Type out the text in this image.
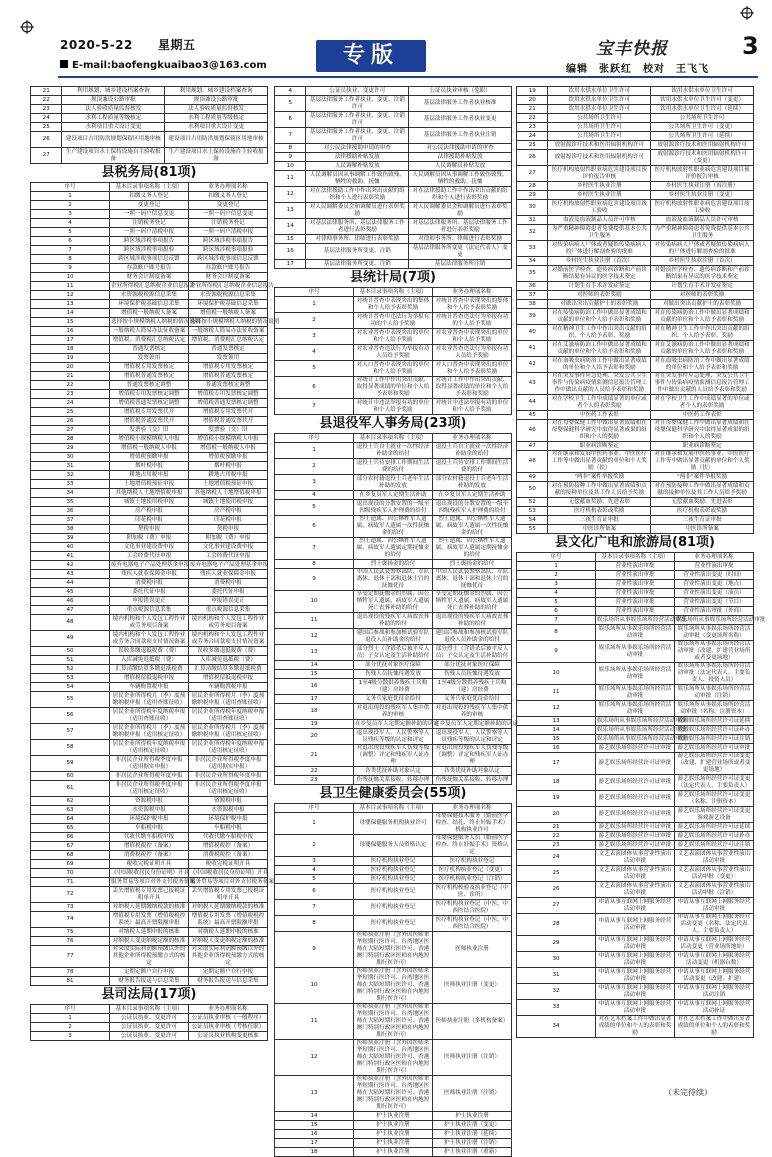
2020-5-22　　 星期五
E-mail:baofengkuaibao3@163.com	专版	宝丰快报	3
编辑　张跃红　校对　王飞飞
21	利用规划、城乡建设档案查询	利用规划、城乡建设档案查询
22	规顶兼设公路审批	规顶兼设公路审批
23	法人验收质量监督核发	法人验收质量监督核发
24	水利工程质量等级核定	水利工程质量等级核定
25	水利项目重大设计变更	水利项目重大设计变更
26	建设项目占用防洪规划保留区用地审核	建设项目占用防洪规划保留区用地审核
27	生产建设项目水土保持设施自主验收报备	生产建设项目水土保持设施自主验收报备
县税务局(81项)
序号	基本目录事项名称（主项）	业务办理项名称
1	扣缴义务人登记	扣缴义务人登记
2	变更登记	变更登记
3	一照一码户信息变更	一照一码户信息变更
4	注销税务登记	注销税务登记
5	一照一码户清税申报	一照一码户清税申报
6	跨区域涉税事项报告	跨区域涉税事项报告
7	跨区域涉税事项报验	跨区域涉税事项报验
8	跨区域涉税事项信息反馈	跨区域涉税事项信息反馈
9	存款账户账号报告	存款账户账号报告
10	财务会计制度备案	财务会计制度备案
11	企业所得税汇总纳税企业信息报告	企业所得税汇总纳税企业信息报告
12	水资源税税源信息采集	水资源税税源信息采集
13	环境保护税基础信息采集	环境保护税基础信息采集
14	增值税一般纳税人备案	增值税一般纳税人备案
15	选择按小规模纳税人纳税的情况说明	选择按小规模纳税人纳税的情况说明
16	一般纳税人简易办法征收备案	一般纳税人简易办法征收备案
17	增值税、消费税汇总纳税认定	增值税、消费税汇总纳税认定
18	普通发票核定	普通发票核定
19	发票领用	发票领用
20	增值税专用发票核定	增值税专用发票核定
21	增值税普通发票核定	增值税普通发票核定
22	普通发票核定调整	普通发票核定调整
23	增值税专用发票核定调整	增值税专用发票核定调整
24	增值税普通发票核定调整	增值税普通发票核定调整
25	增值税专用发票代开	增值税专用发票代开
26	增值税普通发票代开	增值税普通发票代开
27	发票验（交）旧	发票验（交）旧
28	增值税小规模纳税人申报	增值税小规模纳税人申报
29	增值税一般纳税人申报	增值税一般纳税人申报
30	增值税预缴申报	增值税预缴申报
31	烟叶税申报	烟叶税申报
32	耕地占用税申报	耕地占用税申报
33	土地增值税预征申报	土地增值税预征申报
34	其他纳税人土地增值税申报	其他纳税人土地增值税申报
35	城镇土地使用税申报	城镇土地使用税申报
36	房产税申报	房产税申报
37	印花税申报	印花税申报
38	契税申报	契税申报
39	附加税（费）申报	附加税（费）申报
40	文化事业建设费申报	文化事业建设费申报
41	工会经费代征申报	工会经费代征申报
42	废弃电器电子产品处理基金申报	废弃电器电子产品处理基金申报
43	残疾人就业保障金申报	残疾人就业保障金申报
44	消费税申报	消费税申报
45	委托代征申报	委托代征申报
46	申报错误更正	申报错误更正
47	重点税源信息采集	重点税源信息采集
48	境内机构和个人发包工程作业或劳务项目备案	境内机构和个人发包工程作业或劳务项目备案
49	境内机构和个人发包工程作业或劳务合同款项支付情况备案	境内机构和个人发包工程作业或劳务合同款项支付情况备案
50	误收多缴退抵税费（费）	误收多缴退抵税费（费）
51	入库减免退抵税（费）	入库减免退抵税（费）
52	汇算清缴结算多缴退抵税费	汇算清缴结算多缴退抵税费
53	增值税留抵退税申报	增值税留抵退税申报
54	车辆购置税申报	车辆购置税申报
55	居民企业所得税月（季）度预缴纳税申报（适用查账征收）	居民企业所得税月（季）度预缴纳税申报（适用查账征收）
56	居民企业所得税年度纳税申报（适用查账征收）	居民企业所得税年度纳税申报（适用查账征收）
57	居民企业所得税月（季）度预缴纳税申报（适用核定征收）	居民企业所得税月（季）度预缴纳税申报（适用核定征收）
58	居民企业所得税年度纳税申报（适用核定征收）	居民企业所得税年度纳税申报（适用核定征收）
59	非居民企业所得税季度申报（适用据实申报）	非居民企业所得税季度申报（适用据实申报）
60	非居民企业所得税年度申报	非居民企业所得税年度申报
61	非居民企业所得税季度申报（适用核定征收）	非居民企业所得税季度申报（适用核定征收）
62	资源税申报	资源税申报
63	水资源税申报	水资源税申报
64	环境保护税申报	环境保护税申报
65	车船税申报	车船税申报
66	代收代缴车船税申报	代收代缴车船税申报
67	增值税税控（备案）	增值税税控（备案）
68	消费税税控（备案）	消费税税控（备案）
69	税收完税证明开具	税收完税证明开具
70	《中国税收居民身份证明》开具	《中国税收居民身份证明》开具
71	服务贸易等项目对外支付税务备案	服务贸易等项目对外支付税务备案
72	丢失增值税专用发票已报税证明单开具	丢失增值税专用发票已报税证明单开具
73	对纳税人延期缴纳税款的核准	对纳税人延期缴纳税款的核准
74	增值税专用发票（增值税税控系统）最高开票限额审批	增值税专用发票（增值税税控系统）最高开票限额审批
75	对纳税人延期申报的核准	对纳税人延期申报的核准
76	对纳税人变更纳税定额的核准	对纳税人变更纳税定额的核准
77	对采取实际利润额预缴以外的其他企业所得税预缴方式的核定	对采取实际利润额预缴以外的其他企业所得税预缴方式的核定
78	定期定额户自行申报	定期定额户自行申报
81	财务报告报送与信息采集	财务报告报送与信息采集
县司法局(17项)
序号	基本目录事项名称（主项）	业务办理项名称
1	公证员执业、变更许可	公证员执业审核（一般程序）
2	公证员执业、变更许可	公证员执业审核（考核任职）
3	公证员执业、变更许可	公证员执业机构变更核准
4	公证员执业、变更许可	公证员执业审核（免职）
5	基层法律服务工作者执业、变更、注销许可	基层法律服务工作者执业核准
6	基层法律服务工作者执业、变更、注销许可	基层法律服务工作者执业变更
7	基层法律服务工作者执业、变更、注销许可	基层法律服务工作者执业注销
8	对公民法律援助申请的审查	对公民法律援助申请的审查
9	法律援助补贴发放	法律援助补贴发放
10	人民调解补贴发放	人民调解员补贴发放
11	人民调解员因从事调解工作致伤致残、牺牲的救助、抚恤	人民调解员因从事调解工作致伤致残、牺牲的救助、抚恤
12	对在法律援助工作中作出突出贡献的组织和个人进行表彰奖励	对在法律援助工作中作出突出贡献的组织和个人进行表彰奖励
13	对人民调解委员会和调解员进行表彰奖励	对人民调解委员会和调解员进行表彰奖励
14	对基层法律服务所、基层法律服务工作者进行表彰奖励	对基层法律服务所、基层法律服务工作者进行表彰奖励
15	对律师事务所、律师进行表彰奖励	对律师事务所、律师进行表彰奖励
16	基层法律服务所变更、注销	基层法律服务所变更（法定代表人）变更
17	基层法律服务所变更、注销	基层法律服务所注销
县统计局(7项)
序号	基本目录事项名称（主项）	业务办理项名称
1	对统计普查中表现突出的集体和个人给予表彰奖励	对统计普查中表现突出的集体和个人给予表彰奖励
2	对统计普查中违法行为举报有功的个人给予奖励	对统计普查违法行为举报有功的个人给予奖励
3	对农业普查中表现突出的单位和个人给予奖励	对农业普查中表现突出的单位和个人给予奖励
4	对农业普查违法行为举报有功人员给予奖励	对农业普查违法行为举报有功人员给予奖励
5	对人口普查中表现突出的单位和个人给予奖励	对人口普查中表现突出的单位和个人给予表彰奖励
6	对统计工作中作出突出贡献、取得显著成绩的单位和个人给予表彰和奖励	对统计工作中作出突出贡献、取得显著成绩的单位和个人给予表彰和奖励
7	对统计中违法举报有功的单位和个人给予奖励	对统计中违法举报有功的单位和个人给予奖励
县退役军人事务局(23项)
序号	基本目录事项名称（主项）	业务办理项名称
1	退役士兵自主就业一次性经济补助金的给付	退役士兵自主就业一次性经济补助金的给付
2	退役士兵待安排工作期间生活费的给付	退役士兵待安排工作期间生活费的给付
3	部分农村籍退役士兵老年生活补助的发放	部分农村籍退役士兵老年生活补助的发放
4	在乡复员军人定期生活补助	在乡复员军人定期生活补助
5	退出现役的分散安置的一级至四级残疾军人护理费的给付	退出现役的分散安置的一级至四级残疾军人护理费的给付
6	烈士遗属、因公牺牲军人遗属、病故军人遗属一次性抚恤金的给付	烈士遗属、因公牺牲军人遗属、病故军人遗属一次性抚恤金的给付
7	烈士遗属、因公牺牲军人遗属、病故军人遗属定期抚恤金的给付	烈士遗属、因公牺牲军人遗属、病故军人遗属定期抚恤金的给付
8	烈士褒扬金的给付	烈士褒扬金的给付
9	中国人民武装警察部队、军队离休、退休干部和退休士官的抚恤优待	中国人民武装警察部队、军队离休、退休干部和退休士官的抚恤优待
10	享受定期抚恤金的烈属、因公牺牲军人遗属、病故军人遗属死亡丧葬补助的给付	享受定期抚恤金的烈属、因公牺牲军人遗属、病故军人遗属死亡丧葬补助的给付
11	退出现役的残疾军人病故丧葬补助的给付	退出现役的残疾军人病故丧葬补助的给付
12	建国后参战和参加核试验军队退役人员补助金的给付	建国后参战和参加核试验军队退役人员补助金的给付
13	部分烈士（含错杀后被平反人员）子女认定及生活补助给付	部分烈士（含错杀后被平反人员）子女认定及生活补助给付
14	部分优抚对象医疗保障	部分优抚对象医疗保障
15	伤残人员抚恤待遇发放	伤残人员抚恤待遇发放
16	1至4级分散供养残疾士兵购（建）房经费	1至4级分散供养残疾士兵购（建）房经费
17	义务兵家庭优待金给付	义务兵家庭优待金给付
18	对退出现役的残疾军人集中供养的审核	对退出现役的残疾军人集中供养的审核
19	在乡复员军人定期定额补助的认定	在乡复员军人定期定额补助的认定
20	退出现役军人、人民警察等人员残疾等级的认定和评定	退出现役军人、人民警察等人员残疾等级的认定和评定
21	对退出现役残疾军人伤残等级（调整）评定和残疾军人证办理	对退出现役残疾军人伤残等级（调整）评定和残疾军人证办理
22	各类优抚补助对象认定	各类优抚补助对象认定
23	伤残抚恤关系接收、转移办理	伤残抚恤关系接收、转移办理
县卫生健康委员会(55项)
序号	基本目录事项名称（主项）	业务办理项名称
1	母婴保健服务机构执业许可	母婴保健技术服务（婚前医学检查、结扎、终止妊娠手术）机构执业许可
2	母婴保健服务人员资格认定	母婴保健服务人员（婚前医学检查、终止妊娠手术）资格认定
3	医疗机构执业登记	医疗机构执业登记
4	医疗机构执业登记	医疗机构执业登记（变更）
5	医疗机构执业登记	医疗机构执业登记（注销）
6	医疗机构执业登记	医疗机构校验及执业登记（中医、诊所）
7	医疗机构执业登记	医疗机构执业登记（中医、中西医结合医院）
8	医疗机构执业登记	医疗机构执业登记（中医、中西医结合医院）
9	医师执业注册（含外国医师来华短期行医许可、台湾地区医师在大陆短期行医许可、香港澳门特别行政区医师在内地短期行医许可）	医师执业注册
10	医师执业注册（含外国医师来华短期行医许可、台湾地区医师在大陆短期行医许可、香港澳门特别行政区医师在内地短期行医许可）	医师执业注册（变更）
11	医师执业注册（含外国医师来华短期行医许可、台湾地区医师在大陆短期行医许可、香港澳门特别行政区医师在内地短期行医许可）	医师执业注册（多机构备案）
12	医师执业注册（含外国医师来华短期行医许可、台湾地区医师在大陆短期行医许可、香港澳门特别行政区医师在内地短期行医许可）	医师执业注册（注销）
13	医师执业注册（含外国医师来华短期行医许可、台湾地区医师在大陆短期行医许可、香港澳门特别行政区医师在内地短期行医许可）	医师执业注册（注销）
14	护士执业注册	护士执业注册
15	护士执业注册	护士执业注册（变更）
16	护士执业注册	护士执业注册（延续）
17	护士执业注册	护士执业注册（注销）
18	护士执业注册	护士执业注册（重新）
19	饮用水供水单位卫生许可	饮用水供水单位卫生许可
20	饮用水供水单位卫生许可	饮用水供水单位卫生许可（变更）
21	饮用水供水单位卫生许可	饮用水供水单位卫生许可（延续）
22	公共场所卫生许可	公共场所卫生许可
23	公共场所卫生许可	公共场所卫生许可（变更）
24	公共场所卫生许可	公共场所卫生许可（延续）
25	放射源诊疗技术和医用辐射机构许可	放射源诊疗技术和医用辐射机构许可
26	放射源诊疗技术和医用辐射机构许可	放射源诊疗技术和医用辐射机构许可（变更）
27	医疗机构放射性职业病危害建设项目预评价报告审核	医疗机构放射性职业病危害建设项目预评价报告审核
28	乡村医生执业注册	乡村医生执业注册（再注册）
29	乡村医生执业注册	乡村医生执业注册（变更）
30	医疗机构放射性职业病危害建设项目竣工验收	医疗机构放射性职业病危害建设项目竣工验收
31	血液及血液制品人员许可审核	血液及血液制品人员许可审核
32	为严重精神障碍患者免费提供基本公共卫生服务	为严重精神障碍患者免费提供基本公共卫生服务
33	对传染病病人尸体或者疑似传染病病人的尸体进行解剖查验的批准	对传染病病人尸体或者疑似传染病病人的尸体进行解剖查验的批准
34	乡村医生执业注册（首次）	乡村医生执业注册（首次）
35	对婚前医学检查、遗传病诊断和产前诊断结果有异议的医学技术鉴定	对婚前医学检查、遗传病诊断和产前诊断结果有异议的医学技术鉴定
36	计划生育手术并发症鉴定	计划生育手术并发症鉴定
37	对医师的表彰奖励	对医师的表彰奖励
38	对做出突出贡献护士的表彰奖励	对做出突出贡献护士的表彰奖励
39	对在传染病防治工作中做出显著成绩和贡献的单位和个人给予表彰和奖励	对在传染病防治工作中做出显著成绩和贡献的单位和个人给予表彰和奖励
40	对在精神卫生工作中作出突出贡献的组织、个人给予表彰、奖励	对在精神卫生工作中作出突出贡献的组织、个人给予表彰、奖励
41	对在艾滋病防治工作中做出显著成绩和贡献的单位和个人给予表彰和奖励	对在艾滋病防治工作中做出显著成绩和贡献的单位和个人给予表彰和奖励
42	对在血吸虫病防治工作中做出显著成绩的单位和个人给予表彰和奖励	对在血吸虫病防治工作中做出显著成绩的单位和个人给予表彰和奖励
43	对在突发事件应急处理、突发公共卫生事件与传染病疫情监测信息报告管理工作中做出贡献的人员给予表彰和奖励	对在突发事件应急处理、突发公共卫生事件与传染病疫情监测信息报告管理工作中做出贡献的人员给予表彰和奖励
44	对在学校卫生工作中成绩显著的单位或者个人的表彰奖励	对在学校卫生工作中成绩显著的单位或者个人的表彰奖励
45	中医药工作表彰	中医药工作表彰
46	对在母婴保健工作中做出显著成绩和在母婴保健科学研究中取得显著成果的组织和个人的奖励	对在母婴保健工作中做出显著成绩和在母婴保健科学研究中取得显著成果的组织和个人的奖励
47	职业病诊断鉴定	职业病诊断鉴定
48	对在继承和发展中医药事业、中医医疗工作等中做出显著贡献的单位和个人奖励（扶）	对在继承和发展中医药事业、中医医疗工作等中做出显著贡献的单位和个人奖励（扶）
49	"两非"案件举报奖励	"两非"案件举报奖励
50	对在预防接种工作中做出显著成绩和贡献的接种单位及其工作人员给予奖励	对在预防接种工作中做出显著成绩和贡献的接种单位及其工作人员给予奖励
52	无偿献血奖励、先进表彰	无偿献血奖励、先进表彰
53	医疗机构表彰或奖励	医疗机构表彰或奖励
54	三孩生育证审批	三孩生育证审批
55	中医诊所备案	中医诊所备案
县文化广电和旅游局(81项)
序号	基本目录事项名称（主项）	业务办理项名称
1	营业性演出审批	营业性演出审批
2	营业性演出审批	营业性演出变更（时间）
3	营业性演出审批	营业性演出变更（地点）
4	营业性演出审批	营业性演出变更（演员）
5	营业性演出审批	营业性演出变更（节目）
6	营业性演出审批	营业性演出审批（外商）
7	娱乐场所从事娱乐场所经营活动审批	娱乐场所从事娱乐场所经营活动审批
8	娱乐场所从事娱乐场所经营活动审批	娱乐场所从事娱乐场所经营活动审批（变更场所名称）
9	娱乐场所从事娱乐场所经营活动审批	娱乐场所从事娱乐场所经营活动审批（改建、扩建营业场所或者变更场地）
10	娱乐场所从事娱乐场所经营活动审批	娱乐场所从事娱乐场所经营活动审批（法定代表人、主要负责人、投资人员）
11	娱乐场所从事娱乐场所经营活动审批	娱乐场所从事娱乐场所经营活动审批（注销）
12	娱乐场所从事娱乐场所经营活动审批	娱乐场所从事娱乐场所经营活动审批（名称、注册资本）
13	娱乐场所从事娱乐场所经营活动审批	歌舞娱乐场所经营许可证延续
14	娱乐场所从事娱乐场所经营活动审批	歌舞娱乐场所经营许可证补办
15	娱乐场所从事娱乐场所经营活动审批	歌舞娱乐场所经营许可证注销
16	游艺娱乐场所经营许可证审批	游艺娱乐场所经营许可证审批
17	游艺娱乐场所经营许可证审批	游艺娱乐场所经营许可证变更（改建、扩建营业场所或者变更场地）
18	游艺娱乐场所经营许可证审批	游艺娱乐场所经营许可证变更（法定代表人、主要负责人）
19	游艺娱乐场所经营许可证审批	游艺娱乐场所经营许可证变更（名称、注册资本）
20	游艺娱乐场所经营许可证审批	游艺娱乐场所经营许可证变更游戏游艺设备
21	游艺娱乐场所经营许可证审批	游艺娱乐场所经营许可证延续
22	游艺娱乐场所经营许可证审批	游艺娱乐场所经营许可证补办
23	游艺娱乐场所经营许可证审批	游艺娱乐场所经营许可证注销
24	文艺表演团体从事营业性演出活动审批	文艺表演团体从事营业性演出活动审批
25	文艺表演团体从事营业性演出活动审批	文艺表演团体从事营业性演出活动审批（变更）
26	文艺表演团体从事营业性演出活动审批	文艺表演团体从事营业性演出活动审批（注销）
27	申请从事互联网上网服务经营活动审批	申请从事互联网上网服务经营活动审批
28	申请从事互联网上网服务经营活动审批	申请从事互联网上网服务经营活动变更（名称、法定代表人、主要负责人）
29	申请从事互联网上网服务经营活动审批	申请从事互联网上网服务经营活动变更（营业场所地址）
30	申请从事互联网上网服务经营活动审批	申请从事互联网上网服务经营活动变更（机器台数）
31	申请从事互联网上网服务经营活动审批	申请从事互联网上网服务经营活动变更（改建、扩建）
32	申请从事互联网上网服务经营活动审批	申请从事互联网上网服务经营活动注销
33	申请从事互联网上网服务经营活动审批	申请从事互联网上网服务经营活动补证
34	对在艺术档案工作中做出显著成绩的单位和个人的表彰和奖励	对在艺术档案工作中做出显著成绩的单位和个人的表彰和奖励
（未完待续）
